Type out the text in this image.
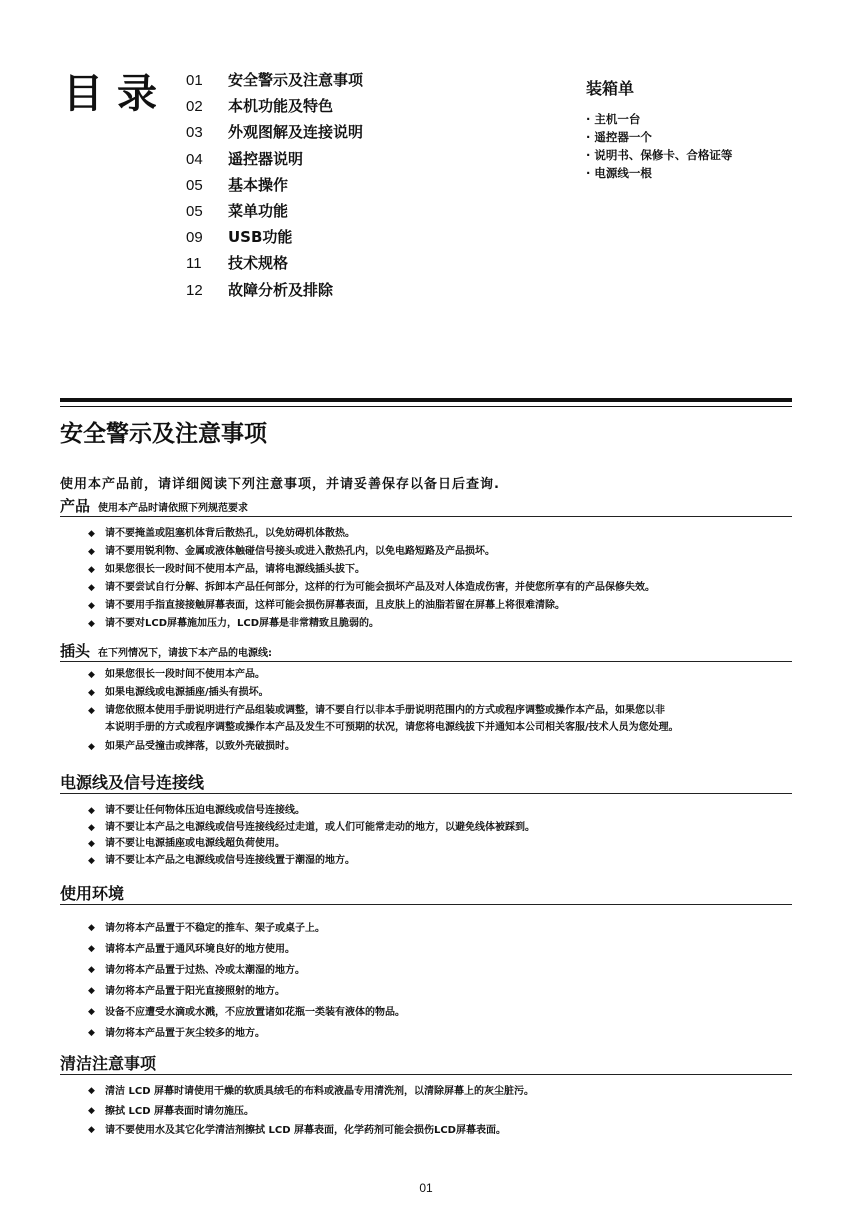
目录 01 安全警示及注意事项
02 本机功能及特色
03 外观图解及连接说明
04 遥控器说明
05 基本操作
05 菜单功能
09 USB功能
11 技术规格
12 故障分析及排除
装箱单
· 主机一台
· 遥控器一个
· 说明书、保修卡、合格证等
· 电源线一根
安全警示及注意事项
使用本产品前，请详细阅读下列注意事项，并请妥善保存以备日后查询.
产品 使用本产品时请依照下列规范要求
◆ 请不要掩盖或阻塞机体背后散热孔，以免妨碍机体散热。
◆ 请不要用锐利物、金属或液体触碰信号接头或进入散热孔内，以免电路短路及产品损坏。
◆ 如果您很长一段时间不使用本产品，请将电源线插头拔下。
◆ 请不要尝试自行分解、拆卸本产品任何部分，这样的行为可能会损坏产品及对人体造成伤害，并使您所享有的产品保修失效。
◆ 请不要用手指直接接触屏幕表面，这样可能会损伤屏幕表面，且皮肤上的油脂若留在屏幕上将很难清除。
◆ 请不要对LCD屏幕施加压力，LCD屏幕是非常精致且脆弱的。
插头 在下列情况下，请拔下本产品的电源线:
◆ 如果您很长一段时间不使用本产品。
◆ 如果电源线或电源插座/插头有损坏。
◆ 请您依照本使用手册说明进行产品组装或调整，请不要自行以非本手册说明范围内的方式或程序调整或操作本产品，如果您以非
本说明手册的方式或程序调整或操作本产品及发生不可预期的状况，请您将电源线拔下并通知本公司相关客服/技术人员为您处理。
◆ 如果产品受撞击或摔落，以致外壳破损时。
电源线及信号连接线
◆ 请不要让任何物体压迫电源线或信号连接线。
◆ 请不要让本产品之电源线或信号连接线经过走道，或人们可能常走动的地方，以避免线体被踩到。
◆ 请不要让电源插座或电源线超负荷使用。
◆ 请不要让本产品之电源线或信号连接线置于潮湿的地方。
使用环境
◆ 请勿将本产品置于不稳定的推车、架子或桌子上。
◆ 请将本产品置于通风环境良好的地方使用。
◆ 请勿将本产品置于过热、冷或太潮湿的地方。
◆ 请勿将本产品置于阳光直接照射的地方。
◆ 设备不应遭受水滴或水溅，不应放置诸如花瓶一类装有液体的物品。
◆ 请勿将本产品置于灰尘较多的地方。
清洁注意事项
◆ 清洁 LCD 屏幕时请使用干燥的软质具绒毛的布料或液晶专用清洗剂，以清除屏幕上的灰尘脏污。
◆ 擦拭 LCD 屏幕表面时请勿施压。
◆ 请不要使用水及其它化学清洁剂擦拭 LCD 屏幕表面，化学药剂可能会损伤LCD屏幕表面。
01
